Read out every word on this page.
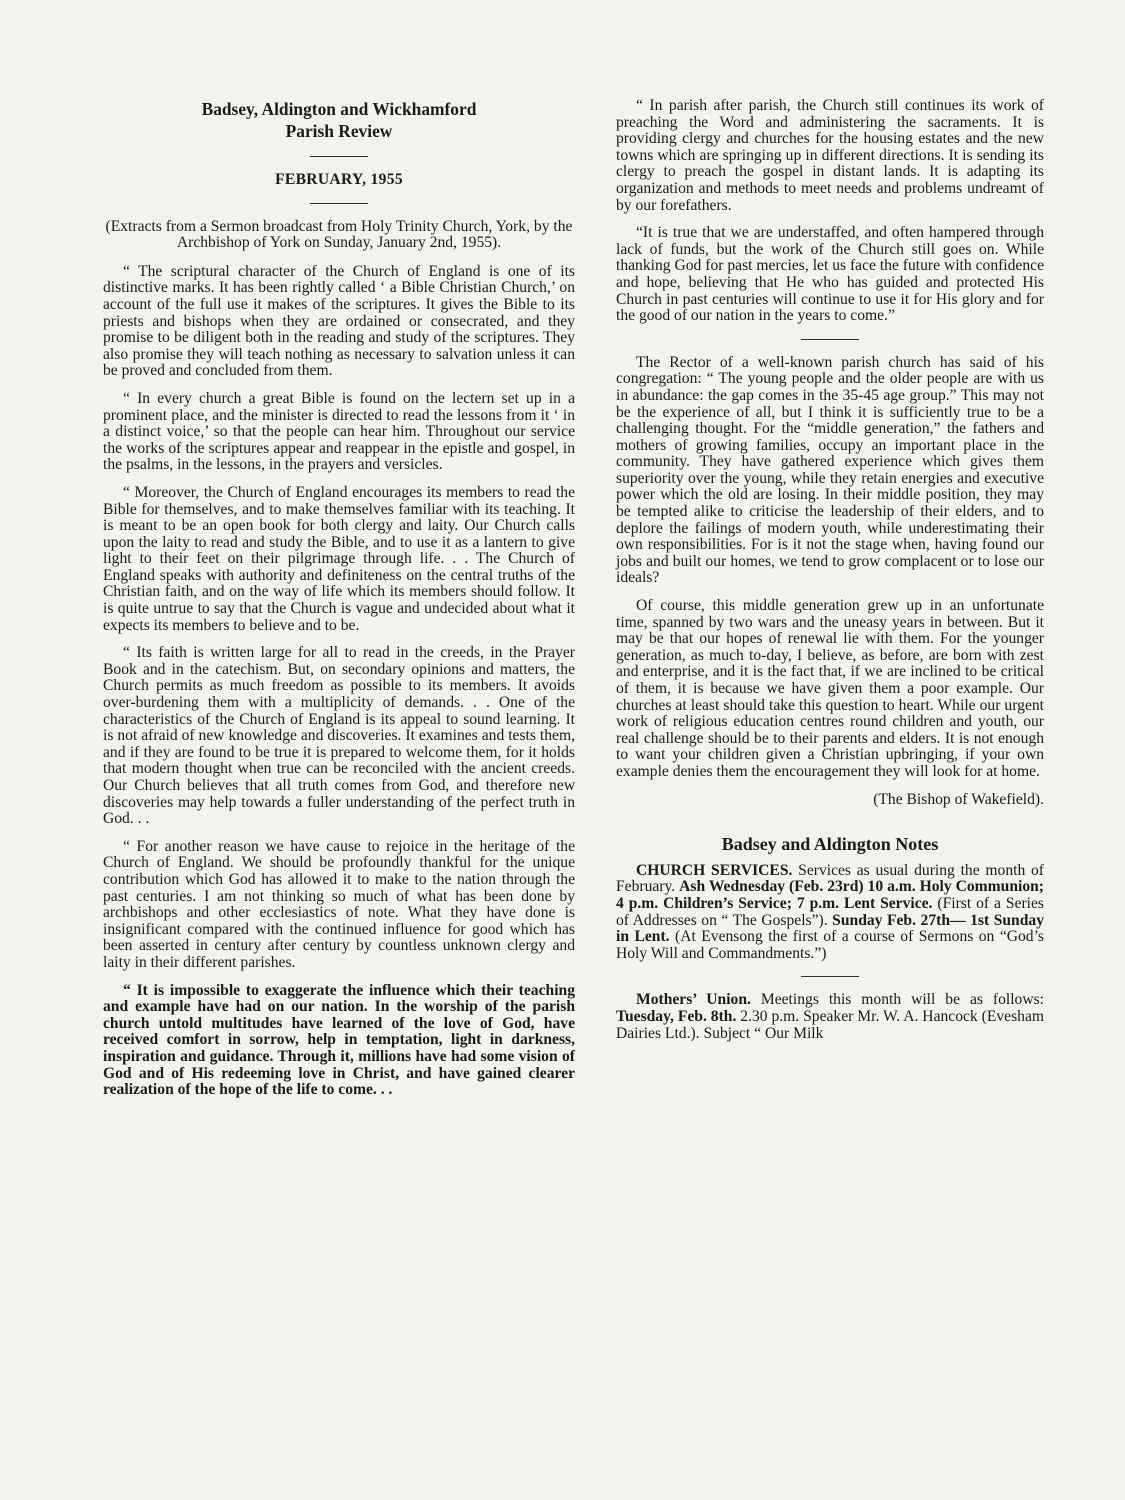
Badsey, Aldington and Wickhamford

Parish Review

FEBRUARY, 1955

(Extracts from a Sermon broadcast from Holy Trinity Church, York, by the Archbishop of York on Sunday, January 2nd, 1955).

“ The scriptural character of the Church of England is one of its distinctive marks. It has been rightly called ‘ a Bible Christian Church,’ on account of the full use it makes of the scriptures. It gives the Bible to its priests and bishops when they are ordained or consecrated, and they promise to be diligent both in the reading and study of the scriptures. They also promise they will teach nothing as necessary to salvation unless it can be proved and concluded from them.

“ In every church a great Bible is found on the lectern set up in a prominent place, and the minister is directed to read the lessons from it ‘ in a distinct voice,’ so that the people can hear him. Throughout our service the works of the scriptures appear and reappear in the epistle and gospel, in the psalms, in the lessons, in the prayers and versicles.

“ Moreover, the Church of England encourages its members to read the Bible for themselves, and to make themselves familiar with its teaching. It is meant to be an open book for both clergy and laity. Our Church calls upon the laity to read and study the Bible, and to use it as a lantern to give light to their feet on their pilgrimage through life. . . The Church of England speaks with authority and definiteness on the central truths of the Christian faith, and on the way of life which its members should follow. It is quite untrue to say that the Church is vague and undecided about what it expects its members to believe and to be.

“ Its faith is written large for all to read in the creeds, in the Prayer Book and in the catechism. But, on secondary opinions and matters, the Church permits as much freedom as possible to its members. It avoids over-burdening them with a multiplicity of demands. . . One of the characteristics of the Church of England is its appeal to sound learning. It is not afraid of new knowledge and discoveries. It examines and tests them, and if they are found to be true it is prepared to welcome them, for it holds that modern thought when true can be reconciled with the ancient creeds. Our Church believes that all truth comes from God, and therefore new discoveries may help towards a fuller understanding of the perfect truth in God. . .

“ For another reason we have cause to rejoice in the heritage of the Church of England. We should be profoundly thankful for the unique contribution which God has allowed it to make to the nation through the past centuries. I am not thinking so much of what has been done by archbishops and other ecclesiastics of note. What they have done is insignificant compared with the continued influence for good which has been asserted in century after century by countless unknown clergy and laity in their different parishes.

“ It is impossible to exaggerate the influence which their teaching and example have had on our nation. In the worship of the parish church untold multitudes have learned of the love of God, have received comfort in sorrow, help in temptation, light in darkness, inspiration and guidance. Through it, millions have had some vision of God and of His redeeming love in Christ, and have gained clearer realization of the hope of the life to come. . .

“ In parish after parish, the Church still continues its work of preaching the Word and administering the sacraments. It is providing clergy and churches for the housing estates and the new towns which are springing up in different directions. It is sending its clergy to preach the gospel in distant lands. It is adapting its organization and methods to meet needs and problems undreamt of by our forefathers.

“It is true that we are understaffed, and often hampered through lack of funds, but the work of the Church still goes on. While thanking God for past mercies, let us face the future with confidence and hope, believing that He who has guided and protected His Church in past centuries will continue to use it for His glory and for the good of our nation in the years to come.”

The Rector of a well-known parish church has said of his congregation: “ The young people and the older people are with us in abundance: the gap comes in the 35-45 age group.” This may not be the experience of all, but I think it is sufficiently true to be a challenging thought. For the “middle generation,” the fathers and mothers of growing families, occupy an important place in the community. They have gathered experience which gives them superiority over the young, while they retain energies and executive power which the old are losing. In their middle position, they may be tempted alike to criticise the leadership of their elders, and to deplore the failings of modern youth, while underestimating their own responsibilities. For is it not the stage when, having found our jobs and built our homes, we tend to grow complacent or to lose our ideals?

Of course, this middle generation grew up in an unfortunate time, spanned by two wars and the uneasy years in between. But it may be that our hopes of renewal lie with them. For the younger generation, as much to-day, I believe, as before, are born with zest and enterprise, and it is the fact that, if we are inclined to be critical of them, it is because we have given them a poor example. Our churches at least should take this question to heart. While our urgent work of religious education centres round children and youth, our real challenge should be to their parents and elders. It is not enough to want your children given a Christian upbringing, if your own example denies them the encouragement they will look for at home.

(The Bishop of Wakefield).

Badsey and Aldington Notes

CHURCH SERVICES. Services as usual during the month of February. Ash Wednesday (Feb. 23rd) 10 a.m. Holy Communion; 4 p.m. Children’s Service; 7 p.m. Lent Service. (First of a Series of Addresses on “ The Gospels”). Sunday Feb. 27th— 1st Sunday in Lent. (At Evensong the first of a course of Sermons on “God’s Holy Will and Commandments.”)

Mothers’ Union. Meetings this month will be as follows: Tuesday, Feb. 8th. 2.30 p.m. Speaker Mr. W. A. Hancock (Evesham Dairies Ltd.). Subject “ Our Milk
